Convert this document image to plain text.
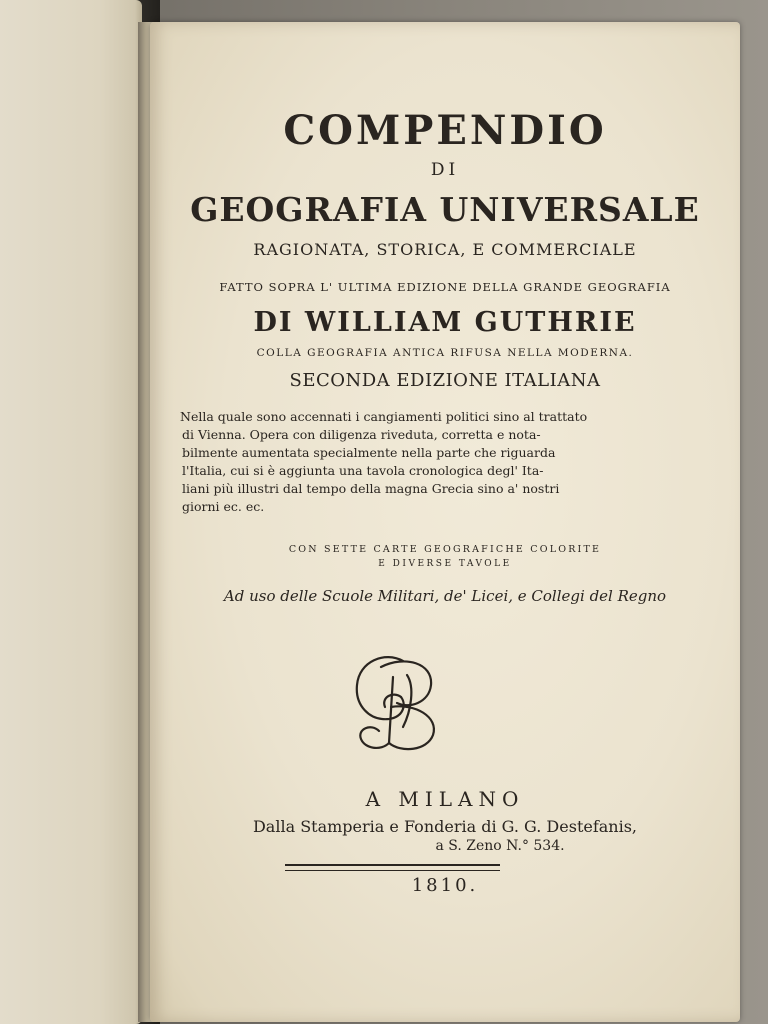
COMPENDIO
DI
GEOGRAFIA UNIVERSALE
RAGIONATA, STORICA, E COMMERCIALE
FATTO SOPRA L' ULTIMA EDIZIONE DELLA GRANDE GEOGRAFIA
DI WILLIAM GUTHRIE
COLLA GEOGRAFIA ANTICA RIFUSA NELLA MODERNA.
SECONDA EDIZIONE ITALIANA
Nella quale sono accennati i cangiamenti politici sino al trattato
di Vienna. Opera con diligenza riveduta, corretta e nota-
bilmente aumentata specialmente nella parte che riguarda
l'Italia, cui si è aggiunta una tavola cronologica degl' Ita-
liani più illustri dal tempo della magna Grecia sino a' nostri
giorni ec. ec.
CON SETTE CARTE GEOGRAFICHE COLORITE
E DIVERSE TAVOLE
Ad uso delle Scuole Militari, de' Licei, e Collegi del Regno
A MILANO
Dalla Stamperia e Fonderia di G. G. Destefanis,
a S. Zeno N.° 534.
1810.
